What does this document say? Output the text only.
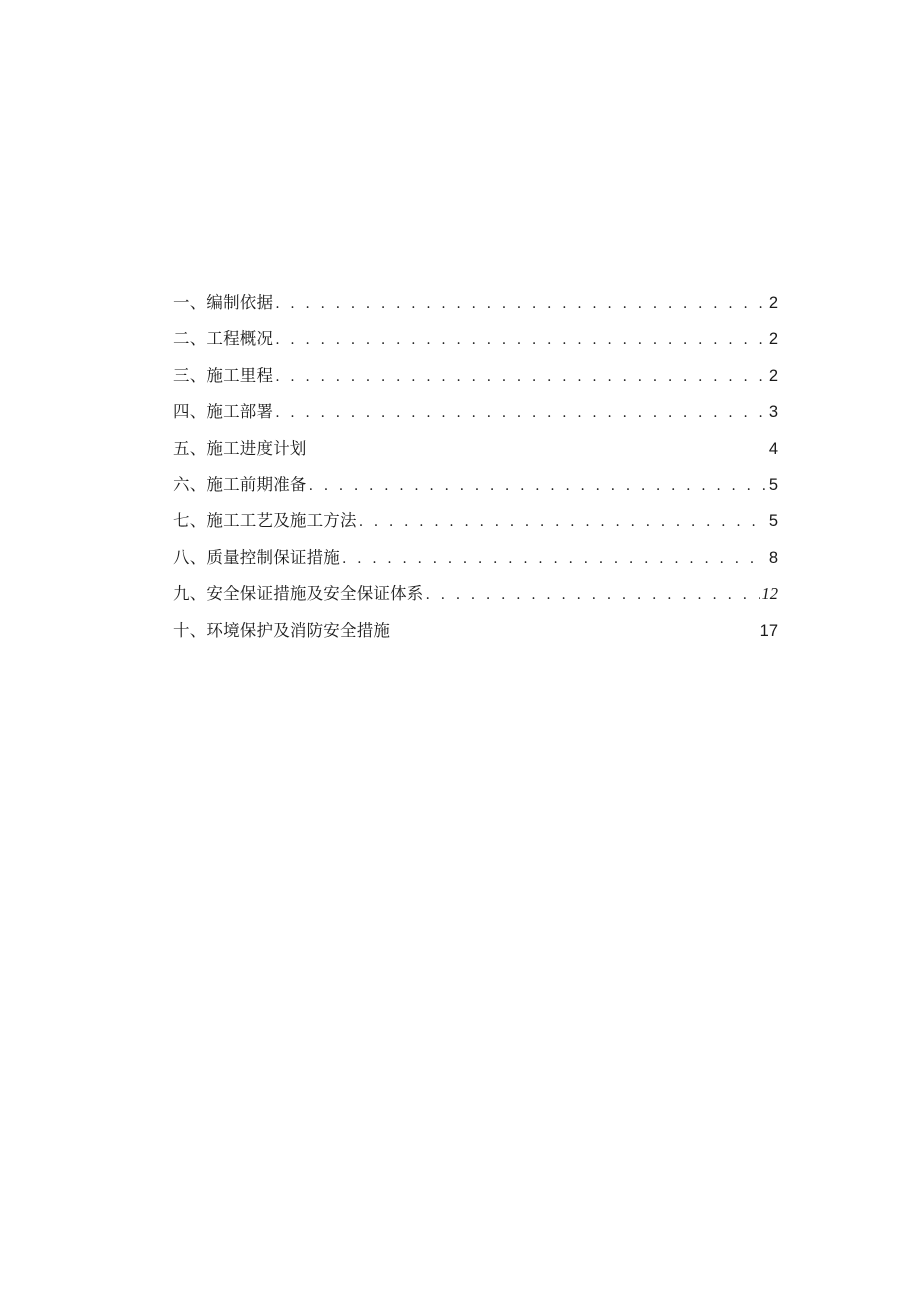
一、编制依据 . . .	2
二、工程概况 . . .	2
三、施工里程 . . .	2
四、施工部署 . . .	3
五、施工进度计划	4
六、施工前期准备 . . .	5
七、施工工艺及施工方法 . . .	5
八、质量控制保证措施 . . .	8
九、安全保证措施及安全保证体系 . . .	12
十、环境保护及消防安全措施	17
